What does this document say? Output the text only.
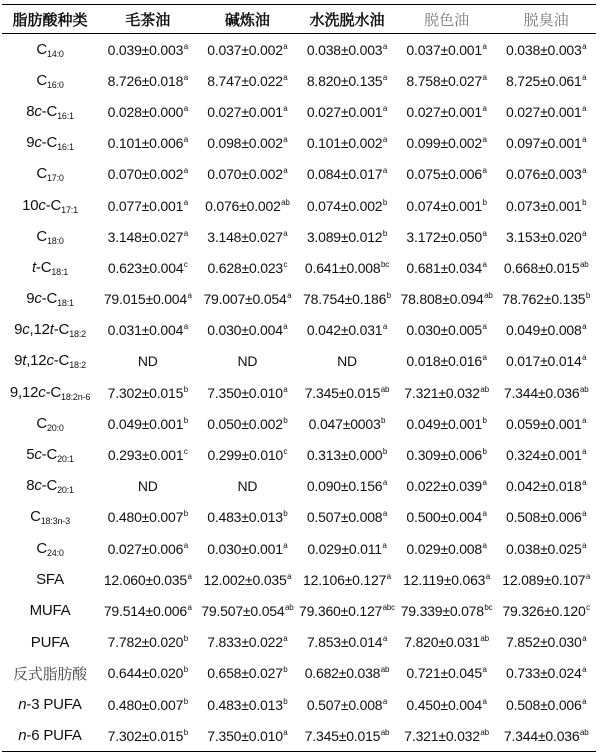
脂肪酸种类	毛茶油	碱炼油	水洗脱水油	脱色油	脱臭油
$C_{14:0}$	0.039±0.003$^a$	0.037±0.002$^a$	0.038±0.003$^a$	0.037±0.001$^a$	0.038±0.003$^a$
$C_{16:0}$	8.726±0.018$^a$	8.747±0.022$^a$	8.820±0.135$^a$	8.758±0.027$^a$	8.725±0.061$^a$
$8c-C_{16:1}$	0.028±0.000$^a$	0.027±0.001$^a$	0.027±0.001$^a$	0.027±0.001$^a$	0.027±0.001$^a$
$9c-C_{16:1}$	0.101±0.006$^a$	0.098±0.002$^a$	0.101±0.002$^a$	0.099±0.002$^a$	0.097±0.001$^a$
$C_{17:0}$	0.070±0.002$^a$	0.070±0.002$^a$	0.084±0.017$^a$	0.075±0.006$^a$	0.076±0.003$^a$
$10c-C_{17:1}$	0.077±0.001$^a$	0.076±0.002$^{ab}$	0.074±0.002$^b$	0.074±0.001$^b$	0.073±0.001$^b$
$C_{18:0}$	3.148±0.027$^a$	3.148±0.027$^a$	3.089±0.012$^b$	3.172±0.050$^a$	3.153±0.020$^a$
$t-C_{18:1}$	0.623±0.004$^c$	0.628±0.023$^c$	0.641±0.008$^{bc}$	0.681±0.034$^a$	0.668±0.015$^{ab}$
$9c-C_{18:1}$	79.015±0.004$^a$	79.007±0.054$^a$	78.754±0.186$^b$	78.808±0.094$^{ab}$	78.762±0.135$^b$
$9c,12t-C_{18:2}$	0.031±0.004$^a$	0.030±0.004$^a$	0.042±0.031$^a$	0.030±0.005$^a$	0.049±0.008$^a$
$9t,12c-C_{18:2}$	ND	ND	ND	0.018±0.016$^a$	0.017±0.014$^a$
$9,12c-C_{18:2n-6}$	7.302±0.015$^b$	7.350±0.010$^a$	7.345±0.015$^{ab}$	7.321±0.032$^{ab}$	7.344±0.036$^{ab}$
$C_{20:0}$	0.049±0.001$^b$	0.050±0.002$^b$	$0.047\pm 0003^b$	0.049±0.001$^b$	0.059±0.001$^a$
$5c-C_{20:1}$	0.293±0.001$^c$	0.299±0.010$^c$	0.313±0.000$^b$	0.309±0.006$^b$	0.324±0.001$^a$
$8c-C_{20:1}$	ND	ND	0.090±0.156$^a$	0.022±0.039$^a$	0.042±0.018$^a$
$C_{18:3n-3}$	0.480±0.007$^b$	0.483±0.013$^b$	0.507±0.008$^a$	0.500±0.004$^a$	0.508±0.006$^a$
$C_{24:0}$	0.027±0.006$^a$	0.030±0.001$^a$	0.029±0.011$^a$	0.029±0.008$^a$	0.038±0.025$^a$
SFA	12.060±0.035$^a$	12.002±0.035$^a$	12.106±0.127$^a$	12.119±0.063$^a$	12.089±0.107$^a$
MUFA	79.514±0.006$^a$	79.507±0.054$^{ab}$	79.360±0.127$^{abc}$	79.339±0.078$^{bc}$	79.326±0.120$^c$
PUFA	7.782±0.020$^b$	7.833±0.022$^a$	7.853±0.014$^a$	7.820±0.031$^{ab}$	7.852±0.030$^a$
反式脂肪酸	0.644±0.020$^b$	0.658±0.027$^b$	0.682±0.038$^{ab}$	0.721±0.045$^a$	0.733±0.024$^a$
n-3 PUFA	0.480±0.007$^b$	0.483±0.013$^b$	0.507±0.008$^a$	0.450±0.004$^a$	0.508±0.006$^a$
n-6 PUFA	7.302±0.015$^b$	7.350±0.010$^a$	7.345±0.015$^{ab}$	7.321±0.032$^{ab}$	7.344±0.036$^{ab}$
